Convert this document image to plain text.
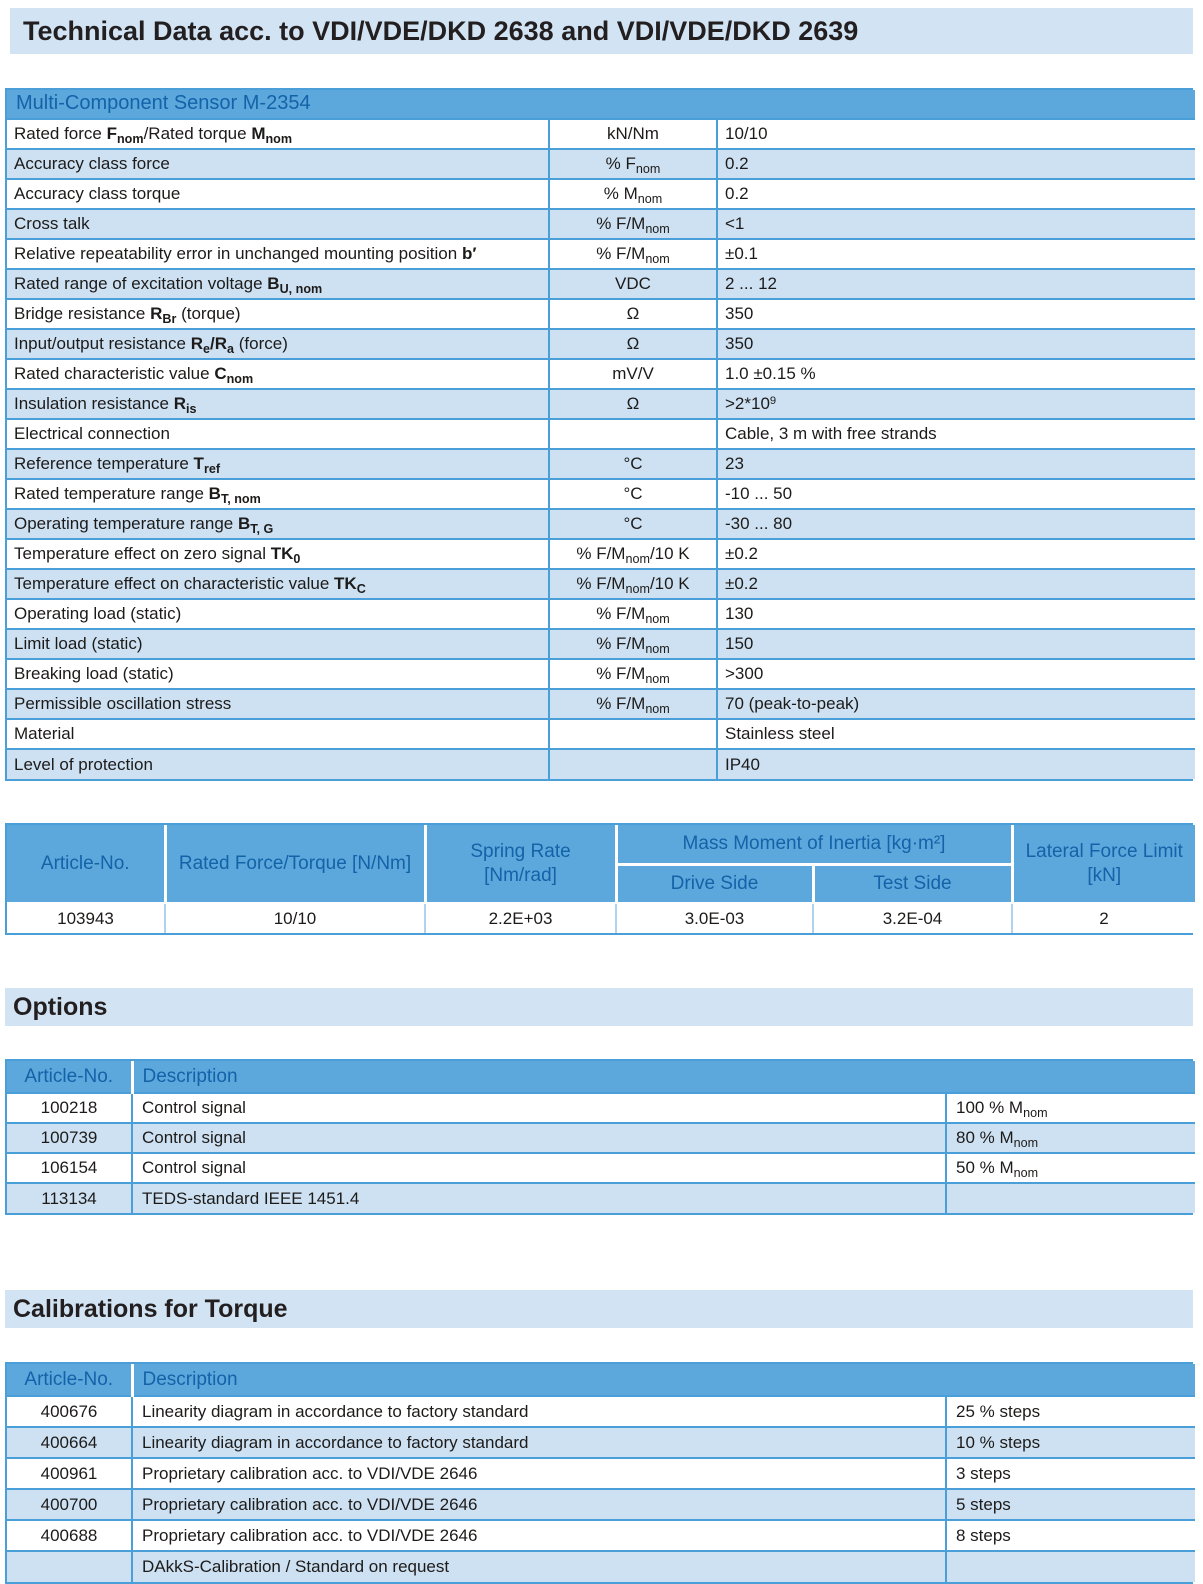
Technical Data acc. to VDI/VDE/DKD 2638 and VDI/VDE/DKD 2639
Multi-Component Sensor M-2354		
Rated force $F_{nom}$/Rated torque $M_{nom}$	kN/Nm	10/10
Accuracy class force	% $F_{nom}$	0.2
Accuracy class torque	% $M_{nom}$	0.2
Cross talk	% $F/M_{nom}$	<1
Relative repeatability error in unchanged mounting position b′	% $F/M_{nom}$	±0.1
Rated range of excitation voltage $B_{U, nom}$	VDC	2 ... 12
Bridge resistance $R_{Br}$ (torque)	Ω	350
Input/output resistance $R_e/R_a$ (force)	Ω	350
Rated characteristic value $C_{nom}$	mV/V	1.0 ±0.15 %
Insulation resistance $R_{is}$	Ω	$>2*10^9$
Electrical connection		Cable, 3 m with free strands
Reference temperature $T_{ref}$	°C	23
Rated temperature range $B_{T, nom}$	°C	-10 ... 50
Operating temperature range $B_{T, G}$	°C	-30 ... 80
Temperature effect on zero signal $TK_0$	% $F/M_{nom}/10$ K	±0.2
Temperature effect on characteristic value $TK_C$	% $F/M_{nom}/10$ K	±0.2
Operating load (static)	% $F/M_{nom}$	130
Limit load (static)	% $F/M_{nom}$	150
Breaking load (static)	% $F/M_{nom}$	>300
Permissible oscillation stress	% $F/M_{nom}$	70 (peak-to-peak)
Material		Stainless steel
Level of protection		IP40
Article-No.	Rated Force/Torque [N/Nm]	Spring Rate [Nm/rad]	Mass Moment of Inertia [kg·m²]		Lateral Force Limit [kN]
			Drive Side	Test Side	
103943	10/10	2.2E+03	3.0E-03	3.2E-04	2
Options
Article-No.	Description	
100218	Control signal	100 % $M_{nom}$
100739	Control signal	80 % $M_{nom}$
106154	Control signal	50 % $M_{nom}$
113134	TEDS-standard IEEE 1451.4	
Calibrations for Torque
Article-No.	Description	
400676	Linearity diagram in accordance to factory standard	25 % steps
400664	Linearity diagram in accordance to factory standard	10 % steps
400961	Proprietary calibration acc. to VDI/VDE 2646	3 steps
400700	Proprietary calibration acc. to VDI/VDE 2646	5 steps
400688	Proprietary calibration acc. to VDI/VDE 2646	8 steps
	DAkkS-Calibration / Standard on request	
